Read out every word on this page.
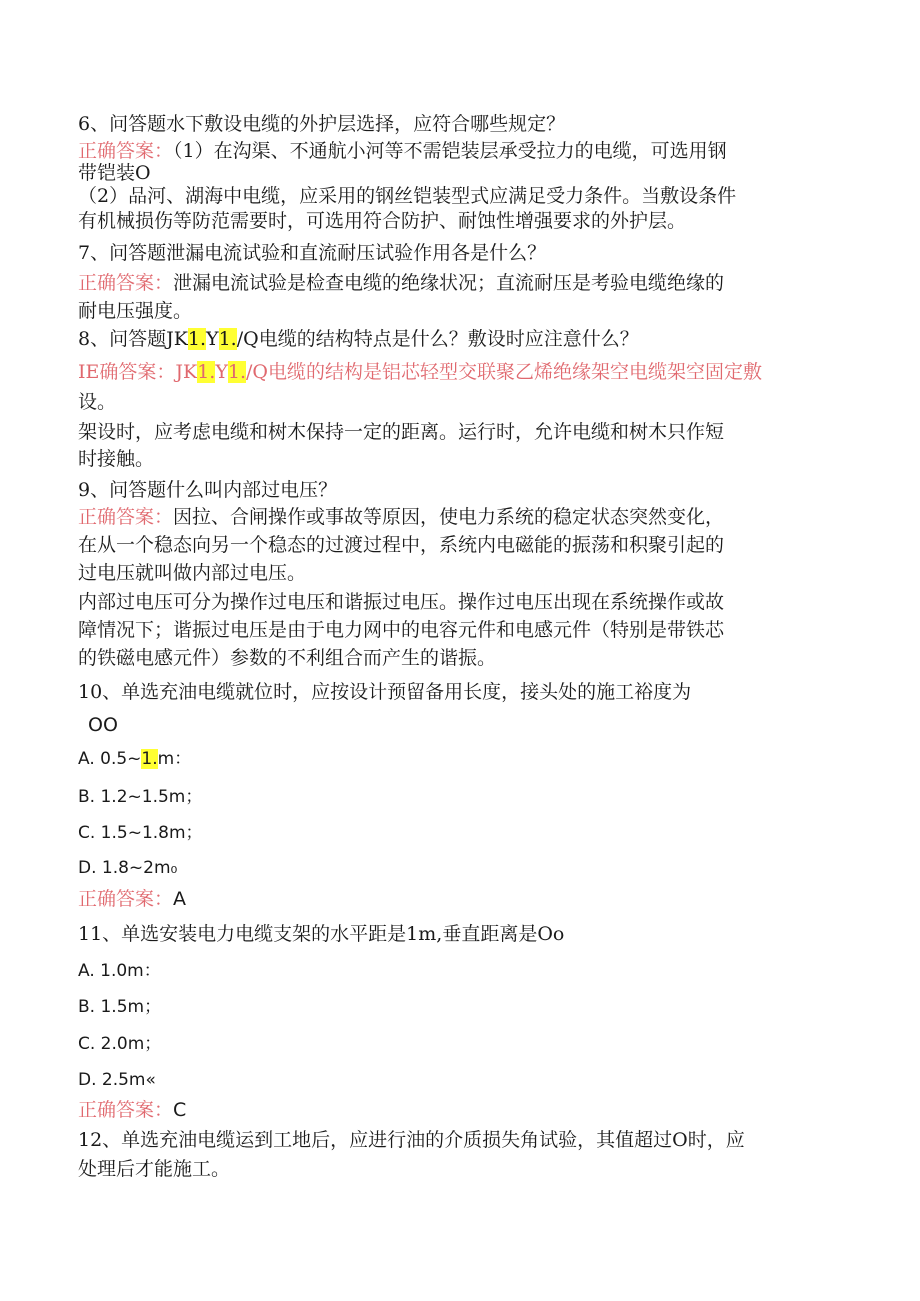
6、问答题水下敷设电缆的外护层选择，应符合哪些规定？
正确答案：（1）在沟渠、不通航小河等不需铠装层承受拉力的电缆，可选用钢
带铠装O
（2）品河、湖海中电缆，应采用的钢丝铠装型式应满足受力条件。当敷设条件
有机械损伤等防范需要时，可选用符合防护、耐蚀性增强要求的外护层。
7、问答题泄漏电流试验和直流耐压试验作用各是什么？
正确答案：泄漏电流试验是检查电缆的绝缘状况；直流耐压是考验电缆绝缘的
耐电压强度。
8、问答题JK1.Y1./Q电缆的结构特点是什么？敷设时应注意什么？
IE确答案：JK1.Y1./Q电缆的结构是铝芯轻型交联聚乙烯绝缘架空电缆架空固定敷
设。
架设时，应考虑电缆和树木保持一定的距离。运行时，允许电缆和树木只作短
时接触。
9、问答题什么叫内部过电压？
正确答案：因拉、合闸操作或事故等原因，使电力系统的稳定状态突然变化，
在从一个稳态向另一个稳态的过渡过程中，系统内电磁能的振荡和积聚引起的
过电压就叫做内部过电压。
内部过电压可分为操作过电压和谐振过电压。操作过电压出现在系统操作或故
障情况下；谐振过电压是由于电力网中的电容元件和电感元件（特别是带铁芯
的铁磁电感元件）参数的不利组合而产生的谐振。
10、单选充油电缆就位时，应按设计预留备用长度，接头处的施工裕度为
OO
A. 0.5~1.m：
B. 1.2~1.5m；
C. 1.5~1.8m；
D. 1.8~2m₀
正确答案：A
11、单选安装电力电缆支架的水平距是1m,垂直距离是Oo
A. 1.0m：
B. 1.5m；
C. 2.0m；
D. 2.5m«
正确答案：C
12、单选充油电缆运到工地后，应进行油的介质损失角试验，其值超过O时，应
处理后才能施工。
